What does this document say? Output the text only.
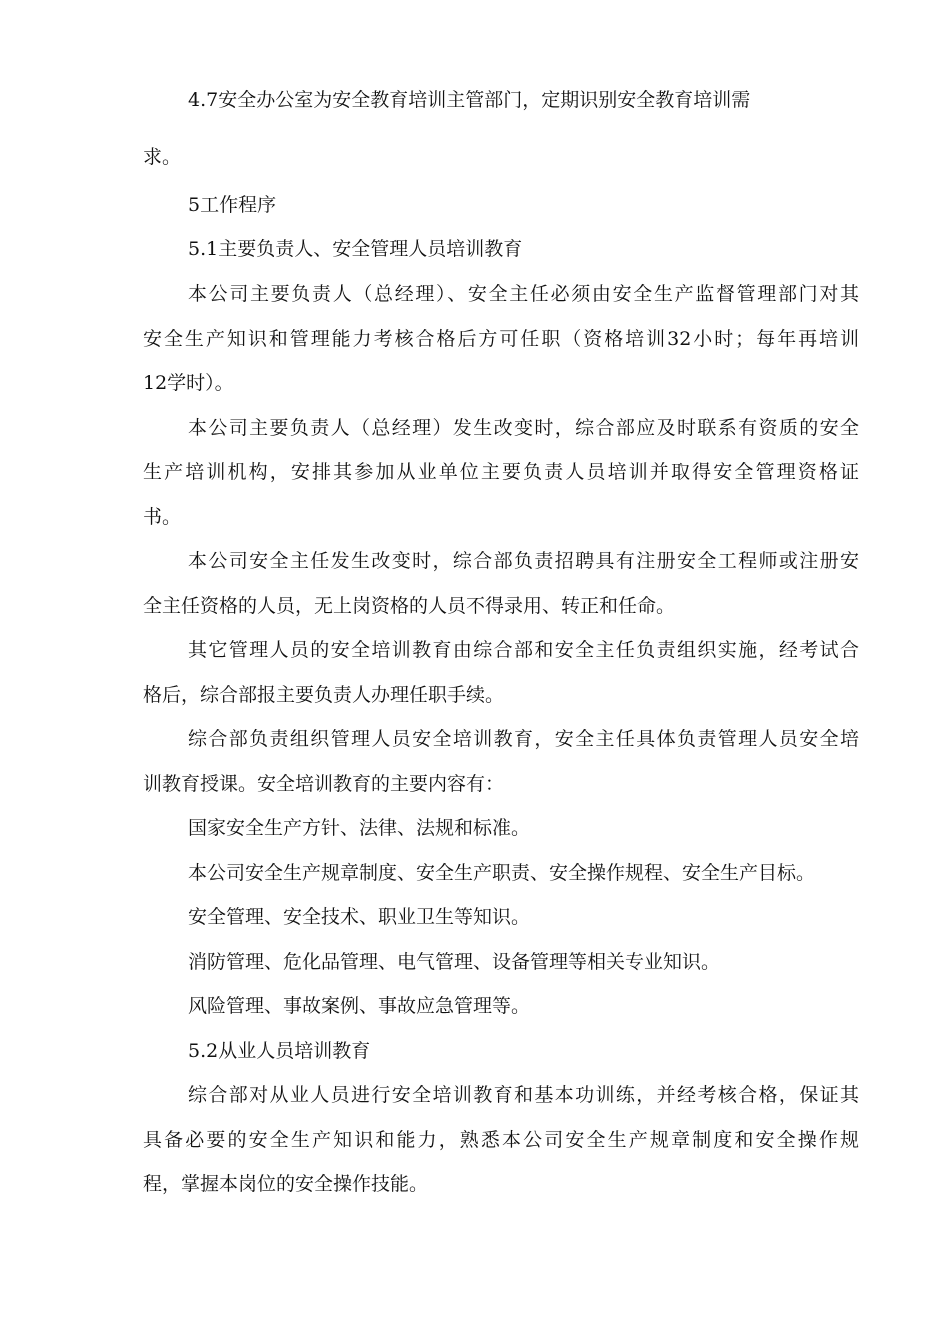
4.7安全办公室为安全教育培训主管部门，定期识别安全教育培训需
求。
5工作程序
5.1主要负责人、安全管理人员培训教育
本公司主要负责人（总经理）、安全主任必须由安全生产监督管理部门对其
安全生产知识和管理能力考核合格后方可任职（资格培训32小时；每年再培训
12学时）。
本公司主要负责人（总经理）发生改变时，综合部应及时联系有资质的安全
生产培训机构，安排其参加从业单位主要负责人员培训并取得安全管理资格证
书。
本公司安全主任发生改变时，综合部负责招聘具有注册安全工程师或注册安
全主任资格的人员，无上岗资格的人员不得录用、转正和任命。
其它管理人员的安全培训教育由综合部和安全主任负责组织实施，经考试合
格后，综合部报主要负责人办理任职手续。
综合部负责组织管理人员安全培训教育，安全主任具体负责管理人员安全培
训教育授课。安全培训教育的主要内容有：
国家安全生产方针、法律、法规和标准。
本公司安全生产规章制度、安全生产职责、安全操作规程、安全生产目标。
安全管理、安全技术、职业卫生等知识。
消防管理、危化品管理、电气管理、设备管理等相关专业知识。
风险管理、事故案例、事故应急管理等。
5.2从业人员培训教育
综合部对从业人员进行安全培训教育和基本功训练，并经考核合格，保证其
具备必要的安全生产知识和能力，熟悉本公司安全生产规章制度和安全操作规
程，掌握本岗位的安全操作技能。
